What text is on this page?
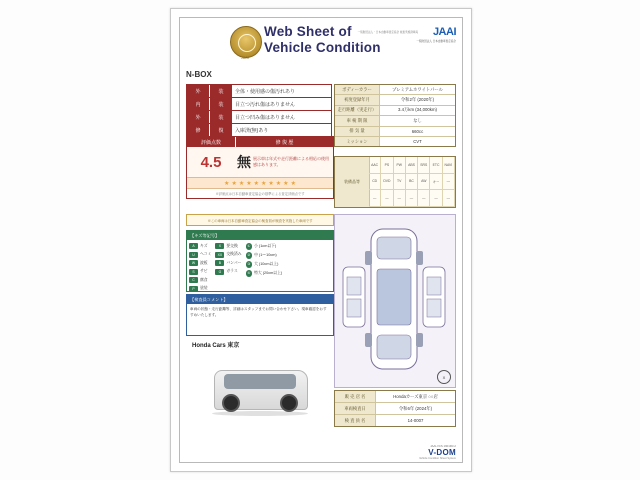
JAAI
Web Sheet of
Vehicle Condition
一般財団法人・日本自動車査定協会 検査実施済車両	JAAI
一般財団法人 日本自動車査定協会
N-BOX
外	装	全体・使用感の傷汚れあり
内	装	目立つ汚れ傷はありません
外	装	目立つ凹み傷はありません
修	復	入庫済(無)あり
評価点数	修 復 歴
4.5	無 展示車は年式や走行距離による相応の使用感はあります。
★ ★ ★ ★ ★ ★ ★ ★ ★ ★
※評価点は日本自動車査定協会の基準による査定評価点です
※この車両は日本自動車査定協会の検査員が検査を実施した車両です
ボディーカラー	プレミアムホワイトパール
初度登録年月	令和2年 (2020年)
走行距離（実走行）	3.4万km (34,000km)
車 検 期 限	なし
排 気 量	660cc
ミッション	CVT
装備品等
AAC	PS	PW	ABS	SRS	ETC	NAVI
CD	DVD	TV	BC	AW	キー	―
―	―	―	―	―	―	―
【キズ等記号】
A	キズ
U	ヘコミ
W	波板
S	サビ
C	腐食
P	塗装
X	要交換
XX	交換済み
B	バンパー
G	ガラス
① 小 (1cm以下)
② 中 (1〜10cm)
③ 大 (10cm以上)
④ 特大 (20cm以上)
【検査員コメント】
車両の状態・走行距離等、詳細はスタッフまでお問い合わせ下さい。現車確認をおすすめいたします。
Honda Cars 東京
X
販 売 店 名	Hondaカーズ東京 ○○店
車両検査日	令和6年 (2024年)
検 査 員 名	14-0007
JAAI-VCS 1901FR-2
V-DOM
Vehicle Condition Sheet System
